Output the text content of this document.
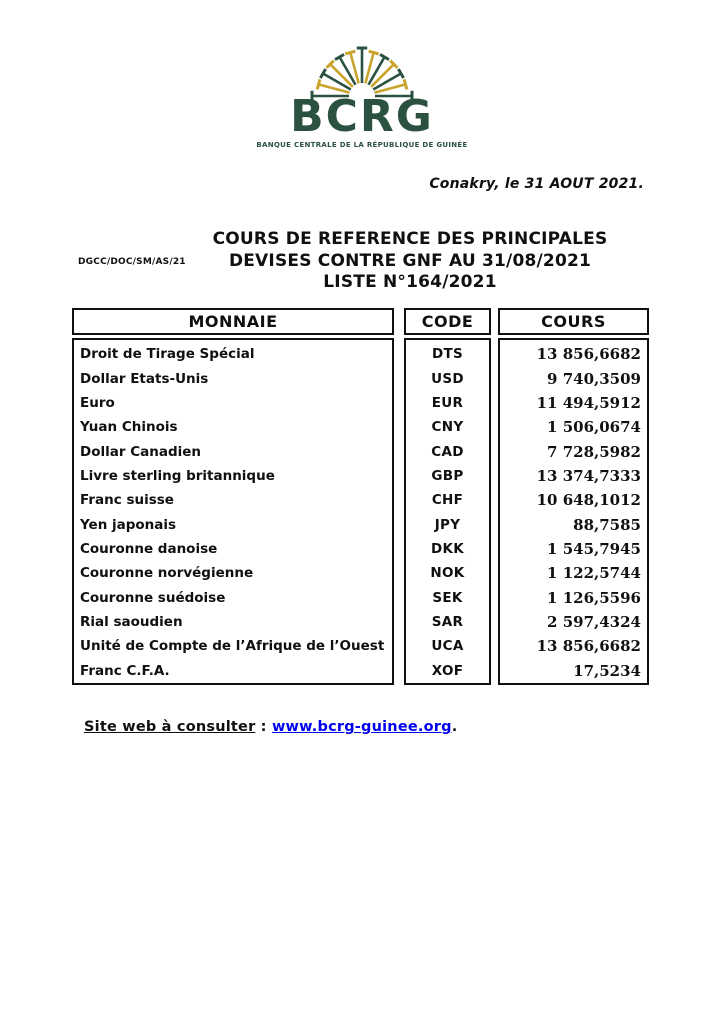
BCRG
BANQUE CENTRALE DE LA RÉPUBLIQUE DE GUINÉE
Conakry, le 31 AOUT 2021.
DGCC/DOC/SM/AS/21
COURS DE REFERENCE DES PRINCIPALES
DEVISES CONTRE GNF AU 31/08/2021
LISTE N°164/2021
MONNAIE	CODE	COURS
Droit de Tirage Spécial
Dollar Etats-Unis
Euro
Yuan Chinois
Dollar Canadien
Livre sterling britannique
Franc suisse
Yen japonais
Couronne danoise
Couronne norvégienne
Couronne suédoise
Rial saoudien
Unité de Compte de l’Afrique de l’Ouest
Franc C.F.A.
DTS
USD
EUR
CNY
CAD
GBP
CHF
JPY
DKK
NOK
SEK
SAR
UCA
XOF
13 856,6682
9 740,3509
11 494,5912
1 506,0674
7 728,5982
13 374,7333
10 648,1012
88,7585
1 545,7945
1 122,5744
1 126,5596
2 597,4324
13 856,6682
17,5234
Site web à consulter : www.bcrg-guinee.org.
